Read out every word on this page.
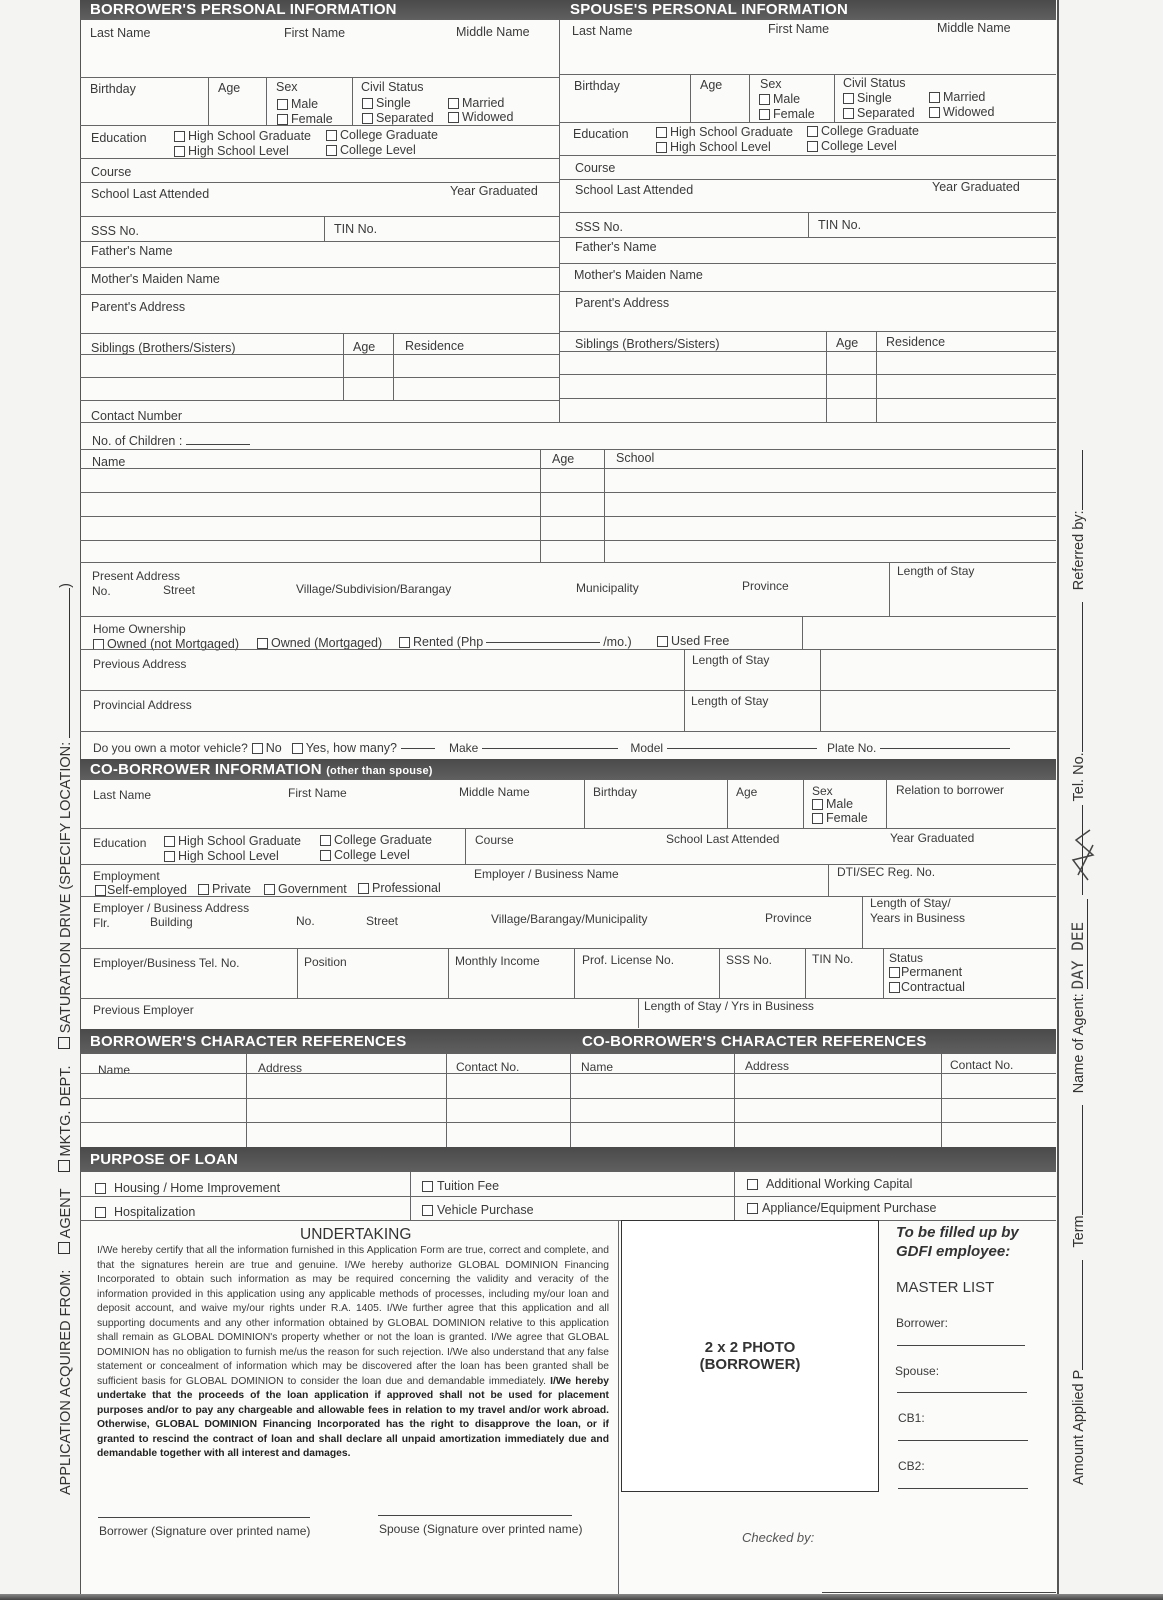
APPLICATION ACQUIRED FROM:     AGENT     MKTG. DEPT.     SATURATION DRIVE (SPECIFY LOCATION: )
Amount Applied P   Term   Name of Agent: DAY DEE
Tel. No.   Referred by:
BORROWER'S PERSONAL INFORMATION	SPOUSE'S PERSONAL INFORMATION
Last Name	First Name	Middle Name
Birthday	Age	Sex
Male
Female
Civil Status
Single	Married
Separated Widowed
Education	High School Graduate College Graduate
High School Level	College Level
Course
School Last Attended	Year Graduated
SSS No.	TIN No.
Father's Name
Mother's Maiden Name
Parent's Address
Siblings (Brothers/Sisters)	Age Residence
Contact Number
Last Name	First Name	Middle Name
Birthday	Age	Sex
Male
Female
Civil Status
Single	Married
Separated Widowed
Education	High School Graduate College Graduate
High School Level	College Level
Course
School Last Attended	Year Graduated
SSS No.	TIN No.
Father's Name
Mother's Maiden Name
Parent's Address
Siblings (Brothers/Sisters)	Age Residence
No. of Children :
Name	Age	School
Present Address
No.	Street	Village/Subdivision/Barangay	Municipality	Province
Length of Stay
Home Ownership
Owned (not Mortgaged)	Owned (Mortgaged) Rented (Php	/mo.)	Used Free
Previous Address	Length of Stay
Provincial Address	Length of Stay
Do you own a motor vehicle? No Yes, how many?	Make	Model	Plate No.
CO-BORROWER INFORMATION (other than spouse)
Last Name	First Name	Middle Name	Birthday	Age	Sex
Male
Female
Relation to borrower
Education	High School Graduate	College Graduate
High School Level	College Level
Course	School Last Attended	Year Graduated
Employment
Self-employed Private Government Professional
Employer / Business Name	DTI/SEC Reg. No.
Employer / Business Address
Flr.	Building	No.	Street	Village/Barangay/Municipality	Province
Length of Stay/
Years in Business
Employer/Business Tel. No.	Position	Monthly Income	Prof. License No.	SSS No.	TIN No.	Status
Permanent
Contractual
Previous Employer	Length of Stay / Yrs in Business
BORROWER'S CHARACTER REFERENCES	CO-BORROWER'S CHARACTER REFERENCES
Name	Address	Contact No.	Name	Address	Contact No.
PURPOSE OF LOAN
Housing / Home Improvement	Tuition Fee	Additional Working Capital
Hospitalization	Vehicle Purchase	Appliance/Equipment Purchase
UNDERTAKING
I/We hereby certify that all the information furnished in this Application Form are true, correct and complete, and that the signatures herein are true and genuine. I/We hereby authorize GLOBAL DOMINION Financing Incorporated to obtain such information as may be required concerning the validity and veracity of the information provided in this application using any applicable methods of processes, including my/our loan and deposit account, and waive my/our rights under R.A. 1405. I/We further agree that this application and all supporting documents and any other information obtained by GLOBAL DOMINION relative to this application shall remain as GLOBAL DOMINION's property whether or not the loan is granted. I/We agree that GLOBAL DOMINION has no obligation to furnish me/us the reason for such rejection. I/We also understand that any false statement or concealment of information which may be discovered after the loan has been granted shall be sufficient basis for GLOBAL DOMINION to consider the loan due and demandable immediately. I/We hereby undertake that the proceeds of the loan application if approved shall not be used for placement purposes and/or to pay any chargeable and allowable fees in relation to my travel and/or work abroad. Otherwise, GLOBAL DOMINION Financing Incorporated has the right to disapprove the loan, or if granted to rescind the contract of loan and shall declare all unpaid amortization immediately due and demandable together with all interest and damages.
Borrower (Signature over printed name)	Spouse (Signature over printed name)
2 x 2 PHOTO
(BORROWER)
To be filled up by
GDFI employee:
MASTER LIST
Borrower:
Spouse:
CB1:
CB2:
Checked by:
